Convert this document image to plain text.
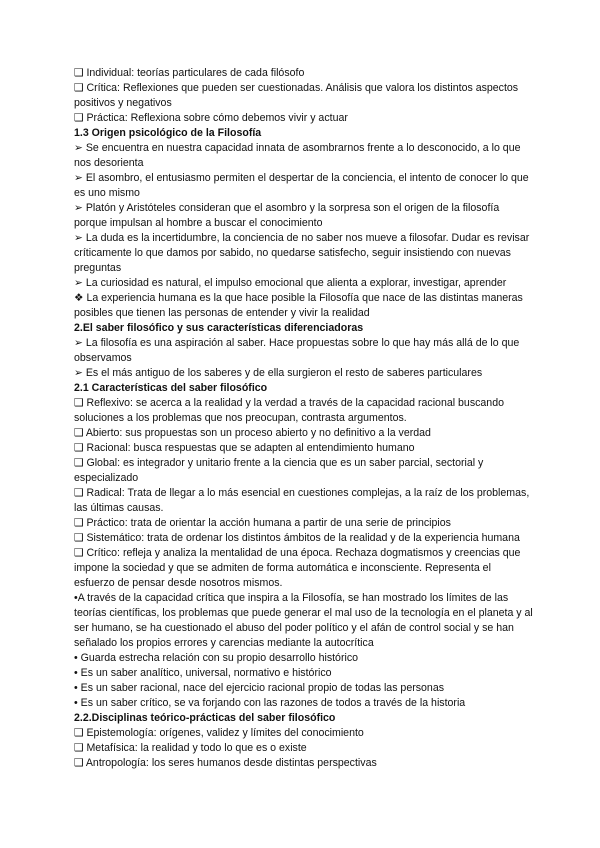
❑ Individual: teorías particulares de cada filósofo

❑ Crítica: Reflexiones que pueden ser cuestionadas. Análisis que valora los distintos aspectos positivos y negativos

❑ Práctica: Reflexiona sobre cómo debemos vivir y actuar

1.3 Origen psicológico de la Filosofía

➢ Se encuentra en nuestra capacidad innata de asombrarnos frente a lo desconocido, a lo que nos desorienta

➢ El asombro, el entusiasmo permiten el despertar de la conciencia, el intento de conocer lo que es uno mismo

➢ Platón y Aristóteles consideran que el asombro y la sorpresa son el origen de la filosofía porque impulsan al hombre a buscar el conocimiento

➢ La duda es la incertidumbre, la conciencia de no saber nos mueve a filosofar. Dudar es revisar críticamente lo que damos por sabido, no quedarse satisfecho, seguir insistiendo con nuevas preguntas

➢ La curiosidad es natural, el impulso emocional que alienta a explorar, investigar, aprender

❖ La experiencia humana es la que hace posible la Filosofía que nace de las distintas maneras posibles que tienen las personas de entender y vivir la realidad

2.El saber filosófico y sus características diferenciadoras

➢ La filosofía es una aspiración al saber. Hace propuestas sobre lo que hay más allá de lo que observamos

➢ Es el más antiguo de los saberes y de ella surgieron el resto de saberes particulares

2.1 Características del saber filosófico

❑ Reflexivo: se acerca a la realidad y la verdad a través de la capacidad racional buscando soluciones a los problemas que nos preocupan, contrasta argumentos.

❑ Abierto: sus propuestas son un proceso abierto y no definitivo a la verdad

❑ Racional: busca respuestas que se adapten al entendimiento humano

❑ Global: es integrador y unitario frente a la ciencia que es un saber parcial, sectorial y especializado

❑ Radical: Trata de llegar a lo más esencial en cuestiones complejas, a la raíz de los problemas, las últimas causas.

❑ Práctico: trata de orientar la acción humana a partir de una serie de principios

❑ Sistemático: trata de ordenar los distintos ámbitos de la realidad y de la experiencia humana

❑ Crítico: refleja y analiza la mentalidad de una época. Rechaza dogmatismos y creencias que impone la sociedad y que se admiten de forma automática e inconsciente. Representa el esfuerzo de pensar desde nosotros mismos.

•A través de la capacidad crítica que inspira a la Filosofía, se han mostrado los límites de las teorías científicas, los problemas que puede generar el mal uso de la tecnología en el planeta y al ser humano, se ha cuestionado el abuso del poder político y el afán de control social y se han señalado los propios errores y carencias mediante la autocrítica

• Guarda estrecha relación con su propio desarrollo histórico

• Es un saber analítico, universal, normativo e histórico

• Es un saber racional, nace del ejercicio racional propio de todas las personas

• Es un saber crítico, se va forjando con las razones de todos a través de la historia

2.2.Disciplinas teórico-prácticas del saber filosófico

❑ Epistemología: orígenes, validez y límites del conocimiento

❑ Metafísica: la realidad y todo lo que es o existe

❑ Antropología: los seres humanos desde distintas perspectivas
